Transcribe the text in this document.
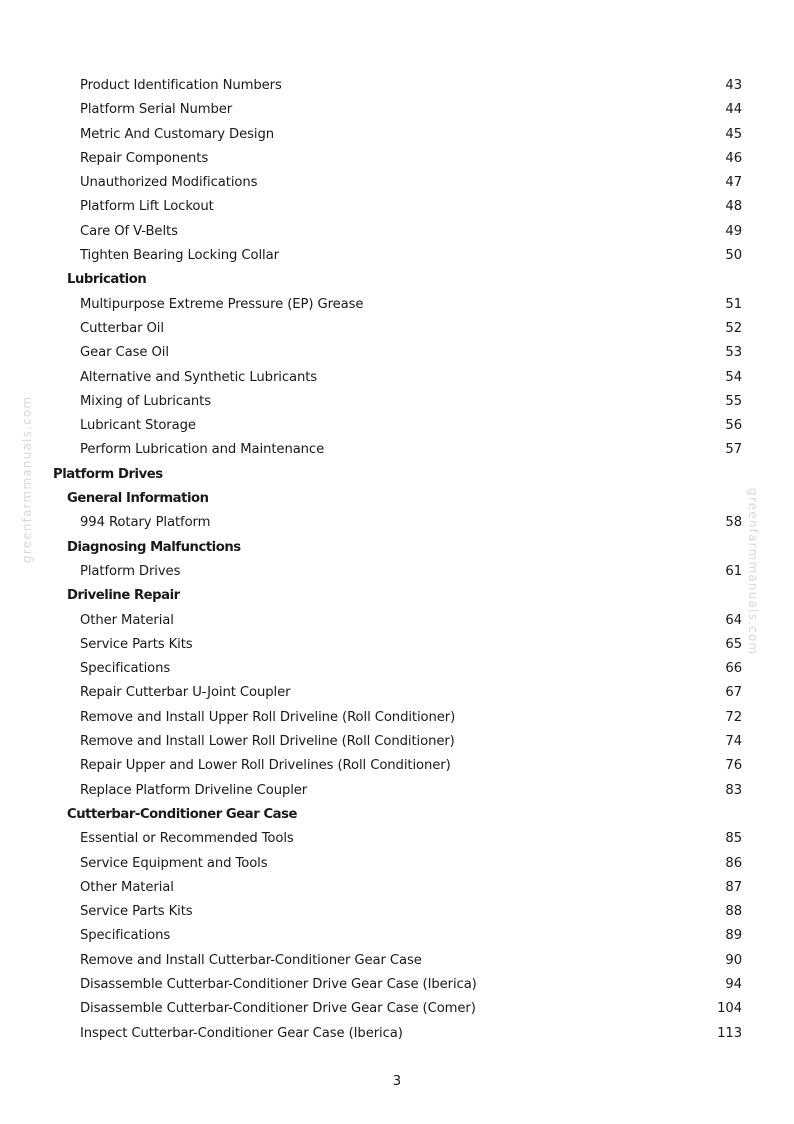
Product Identification Numbers	43
Platform Serial Number	44
Metric And Customary Design	45
Repair Components	46
Unauthorized Modifications	47
Platform Lift Lockout	48
Care Of V-Belts	49
Tighten Bearing Locking Collar	50
Lubrication
Multipurpose Extreme Pressure (EP) Grease	51
Cutterbar Oil	52
Gear Case Oil	53
Alternative and Synthetic Lubricants	54
Mixing of Lubricants	55
Lubricant Storage	56
Perform Lubrication and Maintenance	57
Platform Drives
General Information
994 Rotary Platform	58
Diagnosing Malfunctions
Platform Drives	61
Driveline Repair
Other Material	64
Service Parts Kits	65
Specifications	66
Repair Cutterbar U-Joint Coupler	67
Remove and Install Upper Roll Driveline (Roll Conditioner)	72
Remove and Install Lower Roll Driveline (Roll Conditioner)	74
Repair Upper and Lower Roll Drivelines (Roll Conditioner)	76
Replace Platform Driveline Coupler	83
Cutterbar-Conditioner Gear Case
Essential or Recommended Tools	85
Service Equipment and Tools	86
Other Material	87
Service Parts Kits	88
Specifications	89
Remove and Install Cutterbar-Conditioner Gear Case	90
Disassemble Cutterbar-Conditioner Drive Gear Case (Iberica)	94
Disassemble Cutterbar-Conditioner Drive Gear Case (Comer)	104
Inspect Cutterbar-Conditioner Gear Case (Iberica)	113
greenfarmmanuals.com
greenfarmmanuals.com
3
